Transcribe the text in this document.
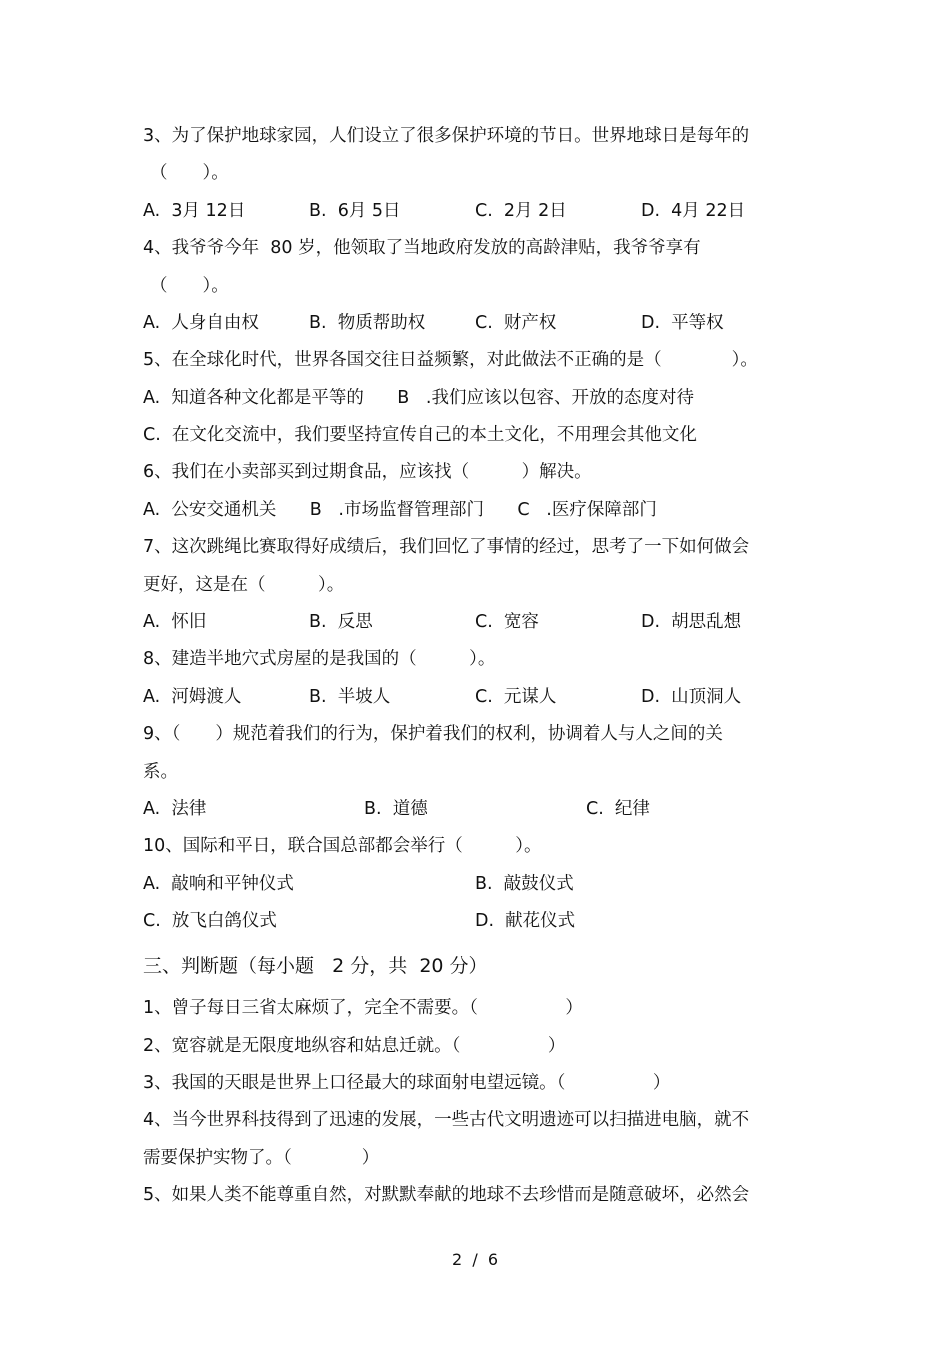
3、为了保护地球家园，人们设立了很多保护环境的节日。世界地球日是每年的
（　　）。
A.  3月 12日	B.  6月 5日	C.  2月 2日	D.  4月 22日
4、我爷爷今年  80 岁，他领取了当地政府发放的高龄津贴，我爷爷享有
（　　）。
A.  人身自由权	B.  物质帮助权	C.  财产权	D.  平等权
5、在全球化时代，世界各国交往日益频繁，对此做法不正确的是（　　　　）。
A.  知道各种文化都是平等的      B   .我们应该以包容、开放的态度对待
C.  在文化交流中，我们要坚持宣传自己的本土文化，不用理会其他文化
6、我们在小卖部买到过期食品，应该找（　　　）解决。
A.  公安交通机关      B   .市场监督管理部门      C   .医疗保障部门
7、这次跳绳比赛取得好成绩后，我们回忆了事情的经过，思考了一下如何做会
更好，这是在（　　　）。
A.  怀旧	B.  反思	C.  宽容	D.  胡思乱想
8、建造半地穴式房屋的是我国的（　　　）。
A.  河姆渡人	B.  半坡人	C.  元谋人	D.  山顶洞人
9、（　　）规范着我们的行为，保护着我们的权利，协调着人与人之间的关
系。
A.  法律	B.  道德	C.  纪律
10、国际和平日，联合国总部都会举行（　　　）。
A.  敲响和平钟仪式	B.  敲鼓仪式
C.  放飞白鸽仪式	D.  献花仪式
三、判断题（每小题   2 分，共  20 分）
1、曾子每日三省太麻烦了，完全不需要。（　　　　　）
2、宽容就是无限度地纵容和姑息迁就。（　　　　　）
3、我国的天眼是世界上口径最大的球面射电望远镜。（　　　　　）
4、当今世界科技得到了迅速的发展，一些古代文明遗迹可以扫描进电脑，就不
需要保护实物了。（　　　　）
5、如果人类不能尊重自然，对默默奉献的地球不去珍惜而是随意破坏，必然会
2  /  6
